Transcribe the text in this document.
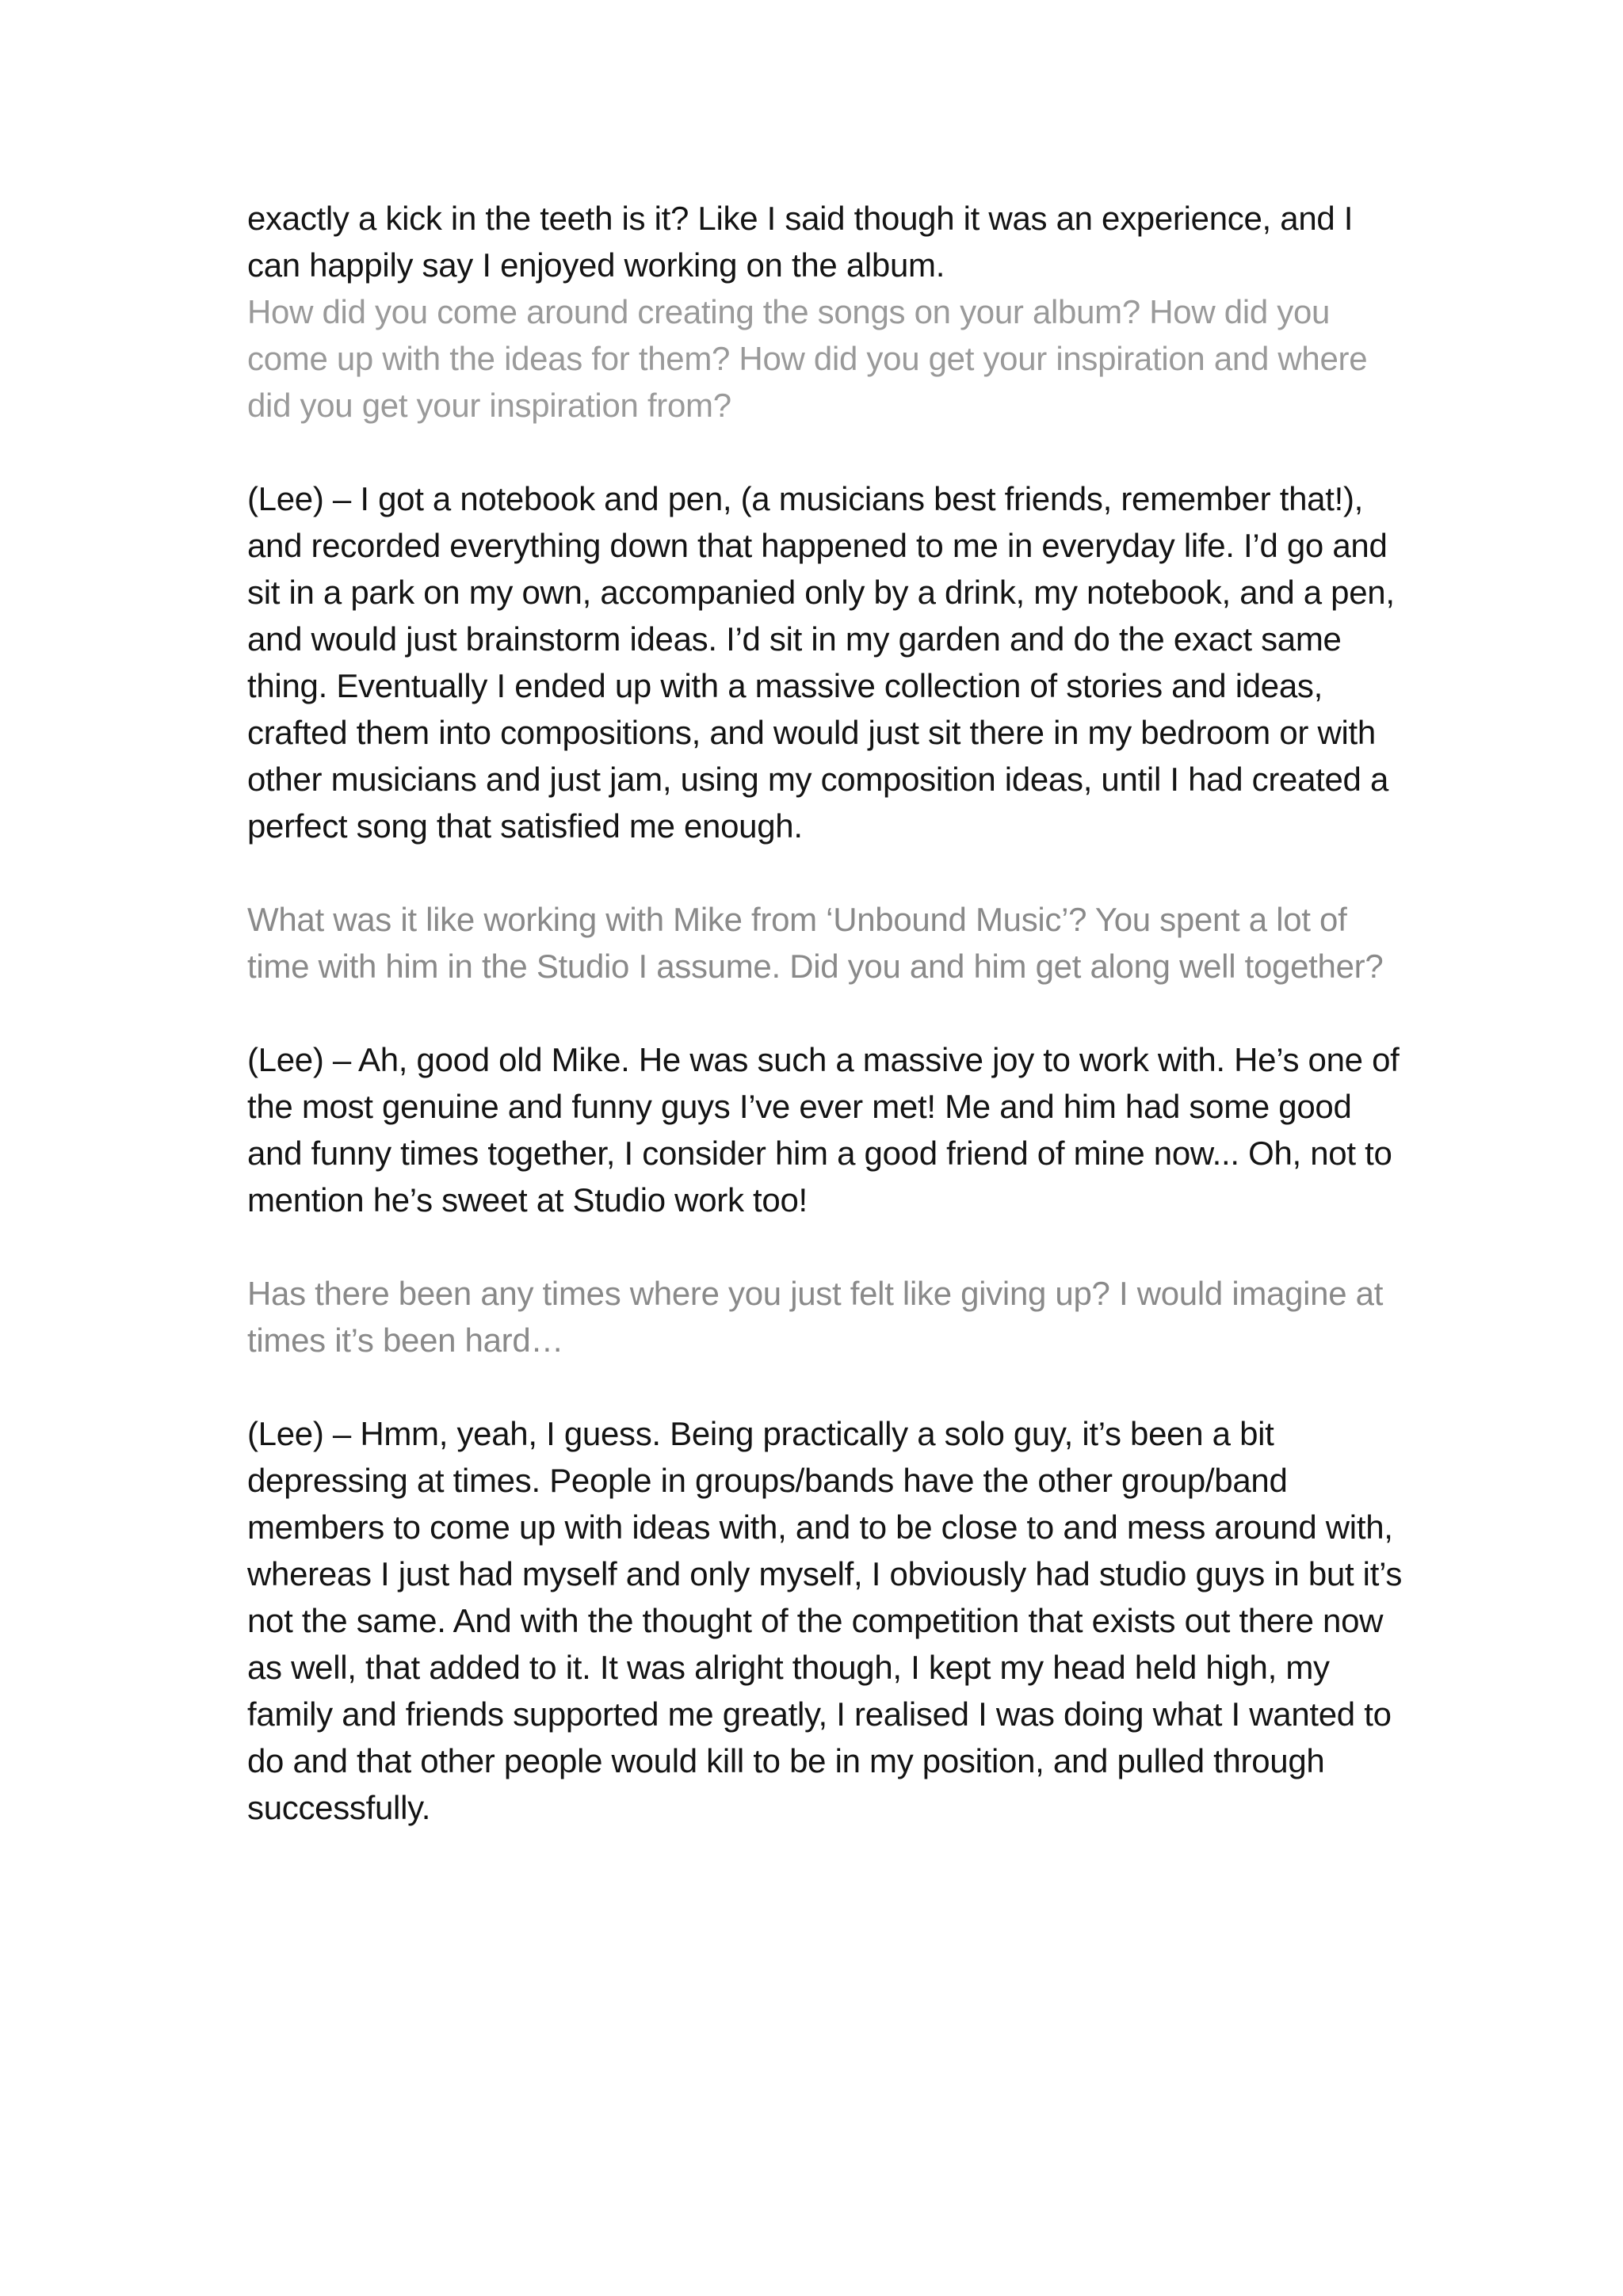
exactly a kick in the teeth is it? Like I said though it was an experience, and I can happily say I enjoyed working on the album.

How did you come around creating the songs on your album? How did you come up with the ideas for them? How did you get your inspiration and where did you get your inspiration from?

(Lee) – I got a notebook and pen, (a musicians best friends, remember that!), and recorded everything down that happened to me in everyday life. I’d go and sit in a park on my own, accompanied only by a drink, my notebook, and a pen, and would just brainstorm ideas. I’d sit in my garden and do the exact same thing. Eventually I ended up with a massive collection of stories and ideas, crafted them into compositions, and would just sit there in my bedroom or with other musicians and just jam, using my composition ideas, until I had created a perfect song that satisfied me enough.

What was it like working with Mike from ‘Unbound Music’? You spent a lot of time with him in the Studio I assume. Did you and him get along well together?

(Lee) – Ah, good old Mike. He was such a massive joy to work with. He’s one of the most genuine and funny guys I’ve ever met! Me and him had some good and funny times together, I consider him a good friend of mine now... Oh, not to mention he’s sweet at Studio work too!

Has there been any times where you just felt like giving up? I would imagine at times it’s been hard…

(Lee) – Hmm, yeah, I guess. Being practically a solo guy, it’s been a bit depressing at times. People in groups/bands have the other group/band members to come up with ideas with, and to be close to and mess around with, whereas I just had myself and only myself, I obviously had studio guys in but it’s not the same. And with the thought of the competition that exists out there now as well, that added to it. It was alright though, I kept my head held high, my family and friends supported me greatly, I realised I was doing what I wanted to do and that other people would kill to be in my position, and pulled through successfully.
